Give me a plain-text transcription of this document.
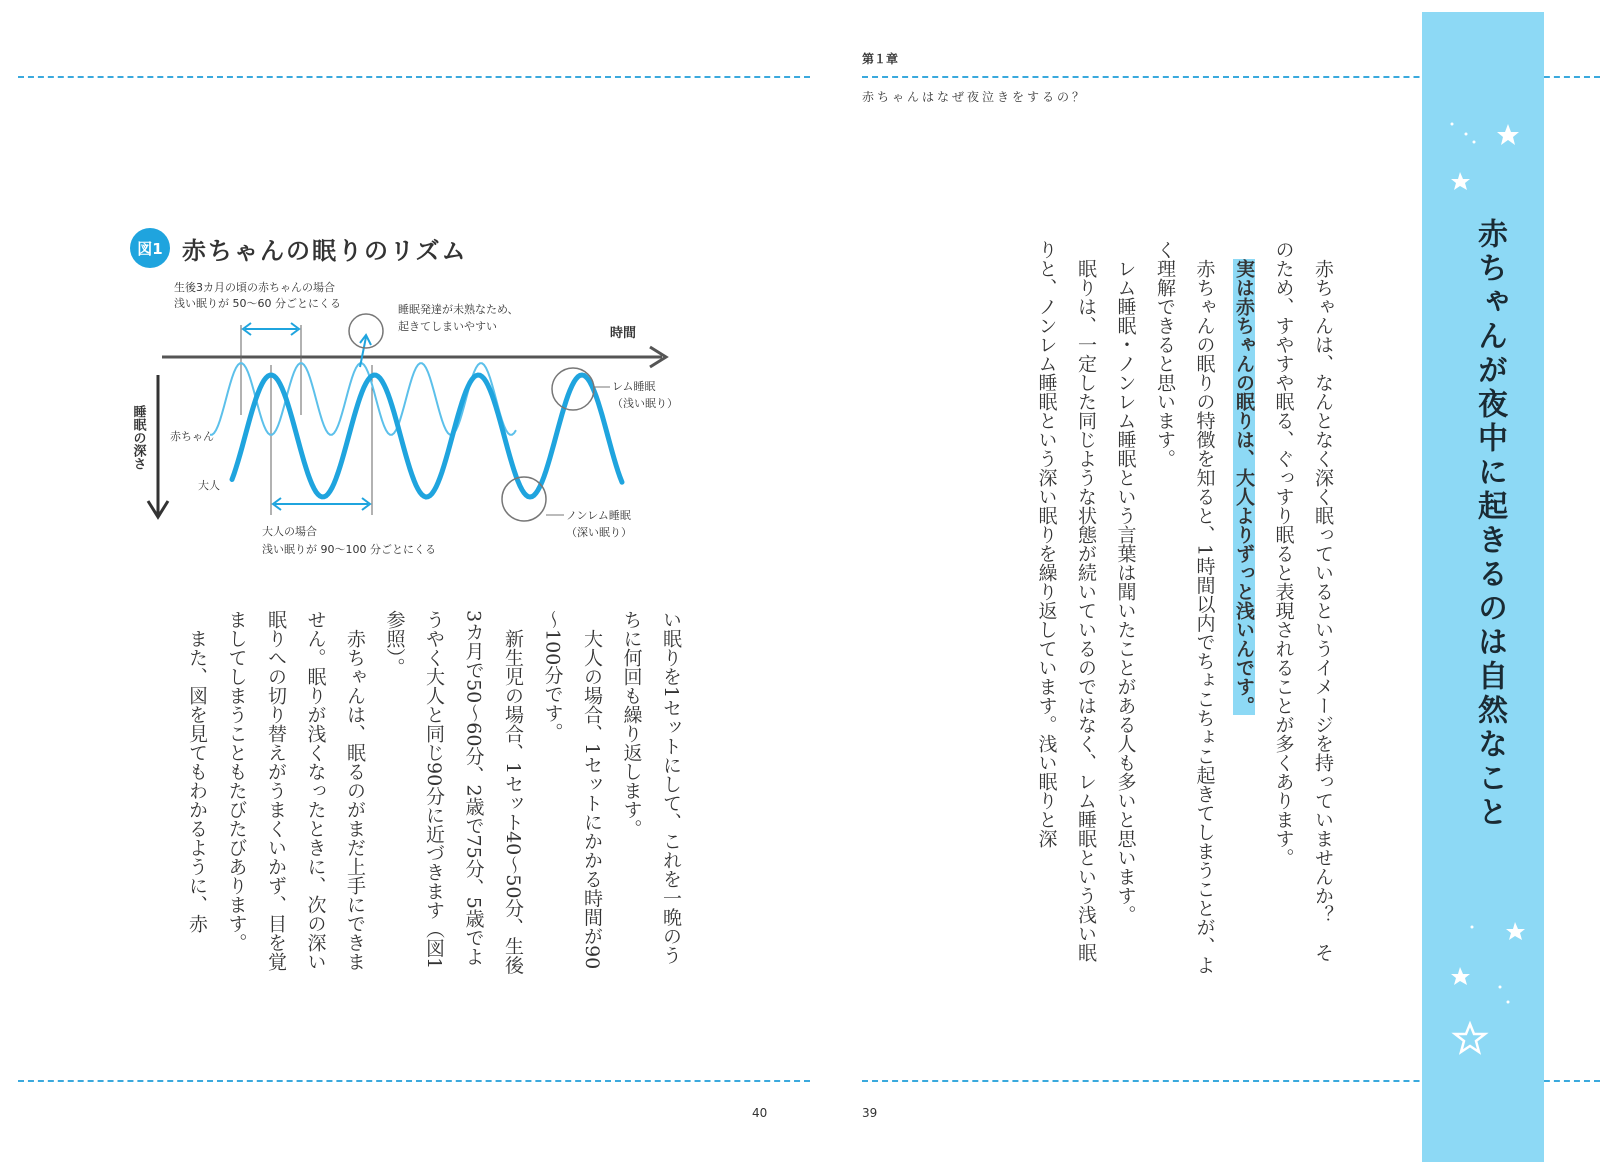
第１章
赤ちゃんはなぜ夜泣きをするの？
赤ちゃんが夜中に起きるのは自然なこと

赤ちゃんは、なんとなく深く眠っているというイメージを持っていませんか？　そのため、すやすや眠る、ぐっすり眠ると表現されることが多くあります。

実は赤ちゃんの眠りは、大人よりずっと浅いんです。

赤ちゃんの眠りの特徴を知ると、1時間以内でちょこちょこ起きてしまうことが、よく理解できると思います。

レム睡眠・ノンレム睡眠という言葉は聞いたことがある人も多いと思います。

眠りは、一定した同じような状態が続いているのではなく、レム睡眠という浅い眠りと、ノンレム睡眠という深い眠りを繰り返しています。浅い眠りと深

図1 赤ちゃんの眠りのリズム
時間
睡眠の深さ
生後3カ月の頃の赤ちゃんの場合
浅い眠りが 50～60 分ごとにくる	睡眠発達が未熟なため、
起きてしまいやすい
レム睡眠
（浅い眠り）
ノンレム睡眠
（深い眠り）
赤ちゃん
大人
大人の場合
浅い眠りが 90～100 分ごとにくる

い眠りを1セットにして、これを一晩のうちに何回も繰り返します。

大人の場合、1セットにかかる時間が90～100分です。

新生児の場合、1セット40～50分、生後3カ月で50～60分、2歳で75分、5歳でようやく大人と同じ90分に近づきます（図1参照）。

赤ちゃんは、眠るのがまだ上手にできません。眠りが浅くなったときに、次の深い眠りへの切り替えがうまくいかず、目を覚ましてしまうこともたびたびあります。

また、図を見てもわかるように、赤

40	39
